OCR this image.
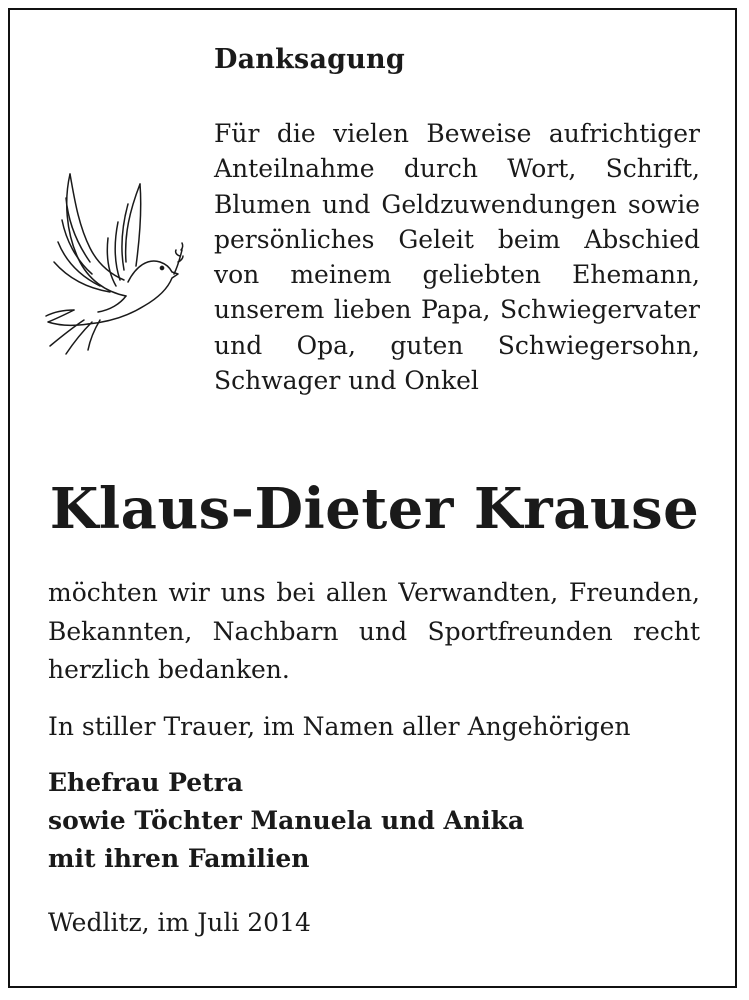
Danksagung
Für die vielen Beweise aufrichtiger Anteilnahme durch Wort, Schrift, Blumen und Geldzuwendungen sowie persönliches Geleit beim Abschied von meinem geliebten Ehemann, unserem lieben Papa, Schwiegervater und Opa, guten Schwiegersohn, Schwager und Onkel
Klaus-Dieter Krause
möchten wir uns bei allen Verwandten, Freunden, Bekannten, Nachbarn und Sportfreunden recht herzlich bedanken.
In stiller Trauer, im Namen aller Angehörigen
Ehefrau Petra
sowie Töchter Manuela und Anika
mit ihren Familien
Wedlitz, im Juli 2014
